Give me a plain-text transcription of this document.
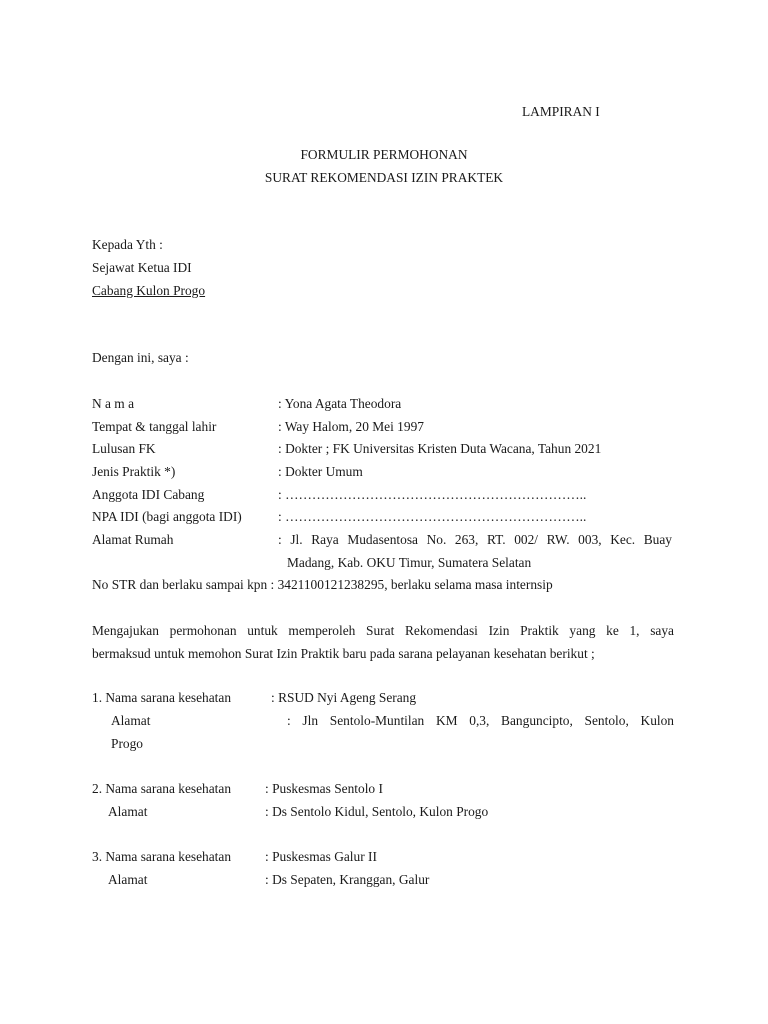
LAMPIRAN I
FORMULIR PERMOHONAN
SURAT REKOMENDASI IZIN PRAKTEK
Kepada Yth :
Sejawat Ketua IDI
Cabang Kulon Progo
Dengan ini, saya :
N a m a	: Yona Agata Theodora
Tempat & tanggal lahir	: Way Halom, 20 Mei 1997
Lulusan FK	: Dokter ; FK Universitas Kristen Duta Wacana, Tahun 2021
Jenis Praktik *)	: Dokter Umum
Anggota IDI Cabang	: …………………………………………………………..
NPA IDI (bagi anggota IDI)	: …………………………………………………………..
Alamat Rumah	: Jl. Raya Mudasentosa No. 263, RT. 002/ RW. 003, Kec. Buay
Madang, Kab. OKU Timur, Sumatera Selatan
No STR dan berlaku sampai kpn : 3421100121238295, berlaku selama masa internsip
Mengajukan permohonan untuk memperoleh Surat Rekomendasi Izin Praktik yang ke 1, saya
bermaksud untuk memohon Surat Izin Praktik baru pada sarana pelayanan kesehatan berikut ;
1. Nama sarana kesehatan	: RSUD Nyi Ageng Serang
Alamat	: Jln Sentolo-Muntilan KM 0,3, Banguncipto, Sentolo, Kulon
Progo
2. Nama sarana kesehatan	: Puskesmas Sentolo I
Alamat	: Ds Sentolo Kidul, Sentolo, Kulon Progo
3. Nama sarana kesehatan	: Puskesmas Galur II
Alamat	: Ds Sepaten, Kranggan, Galur
